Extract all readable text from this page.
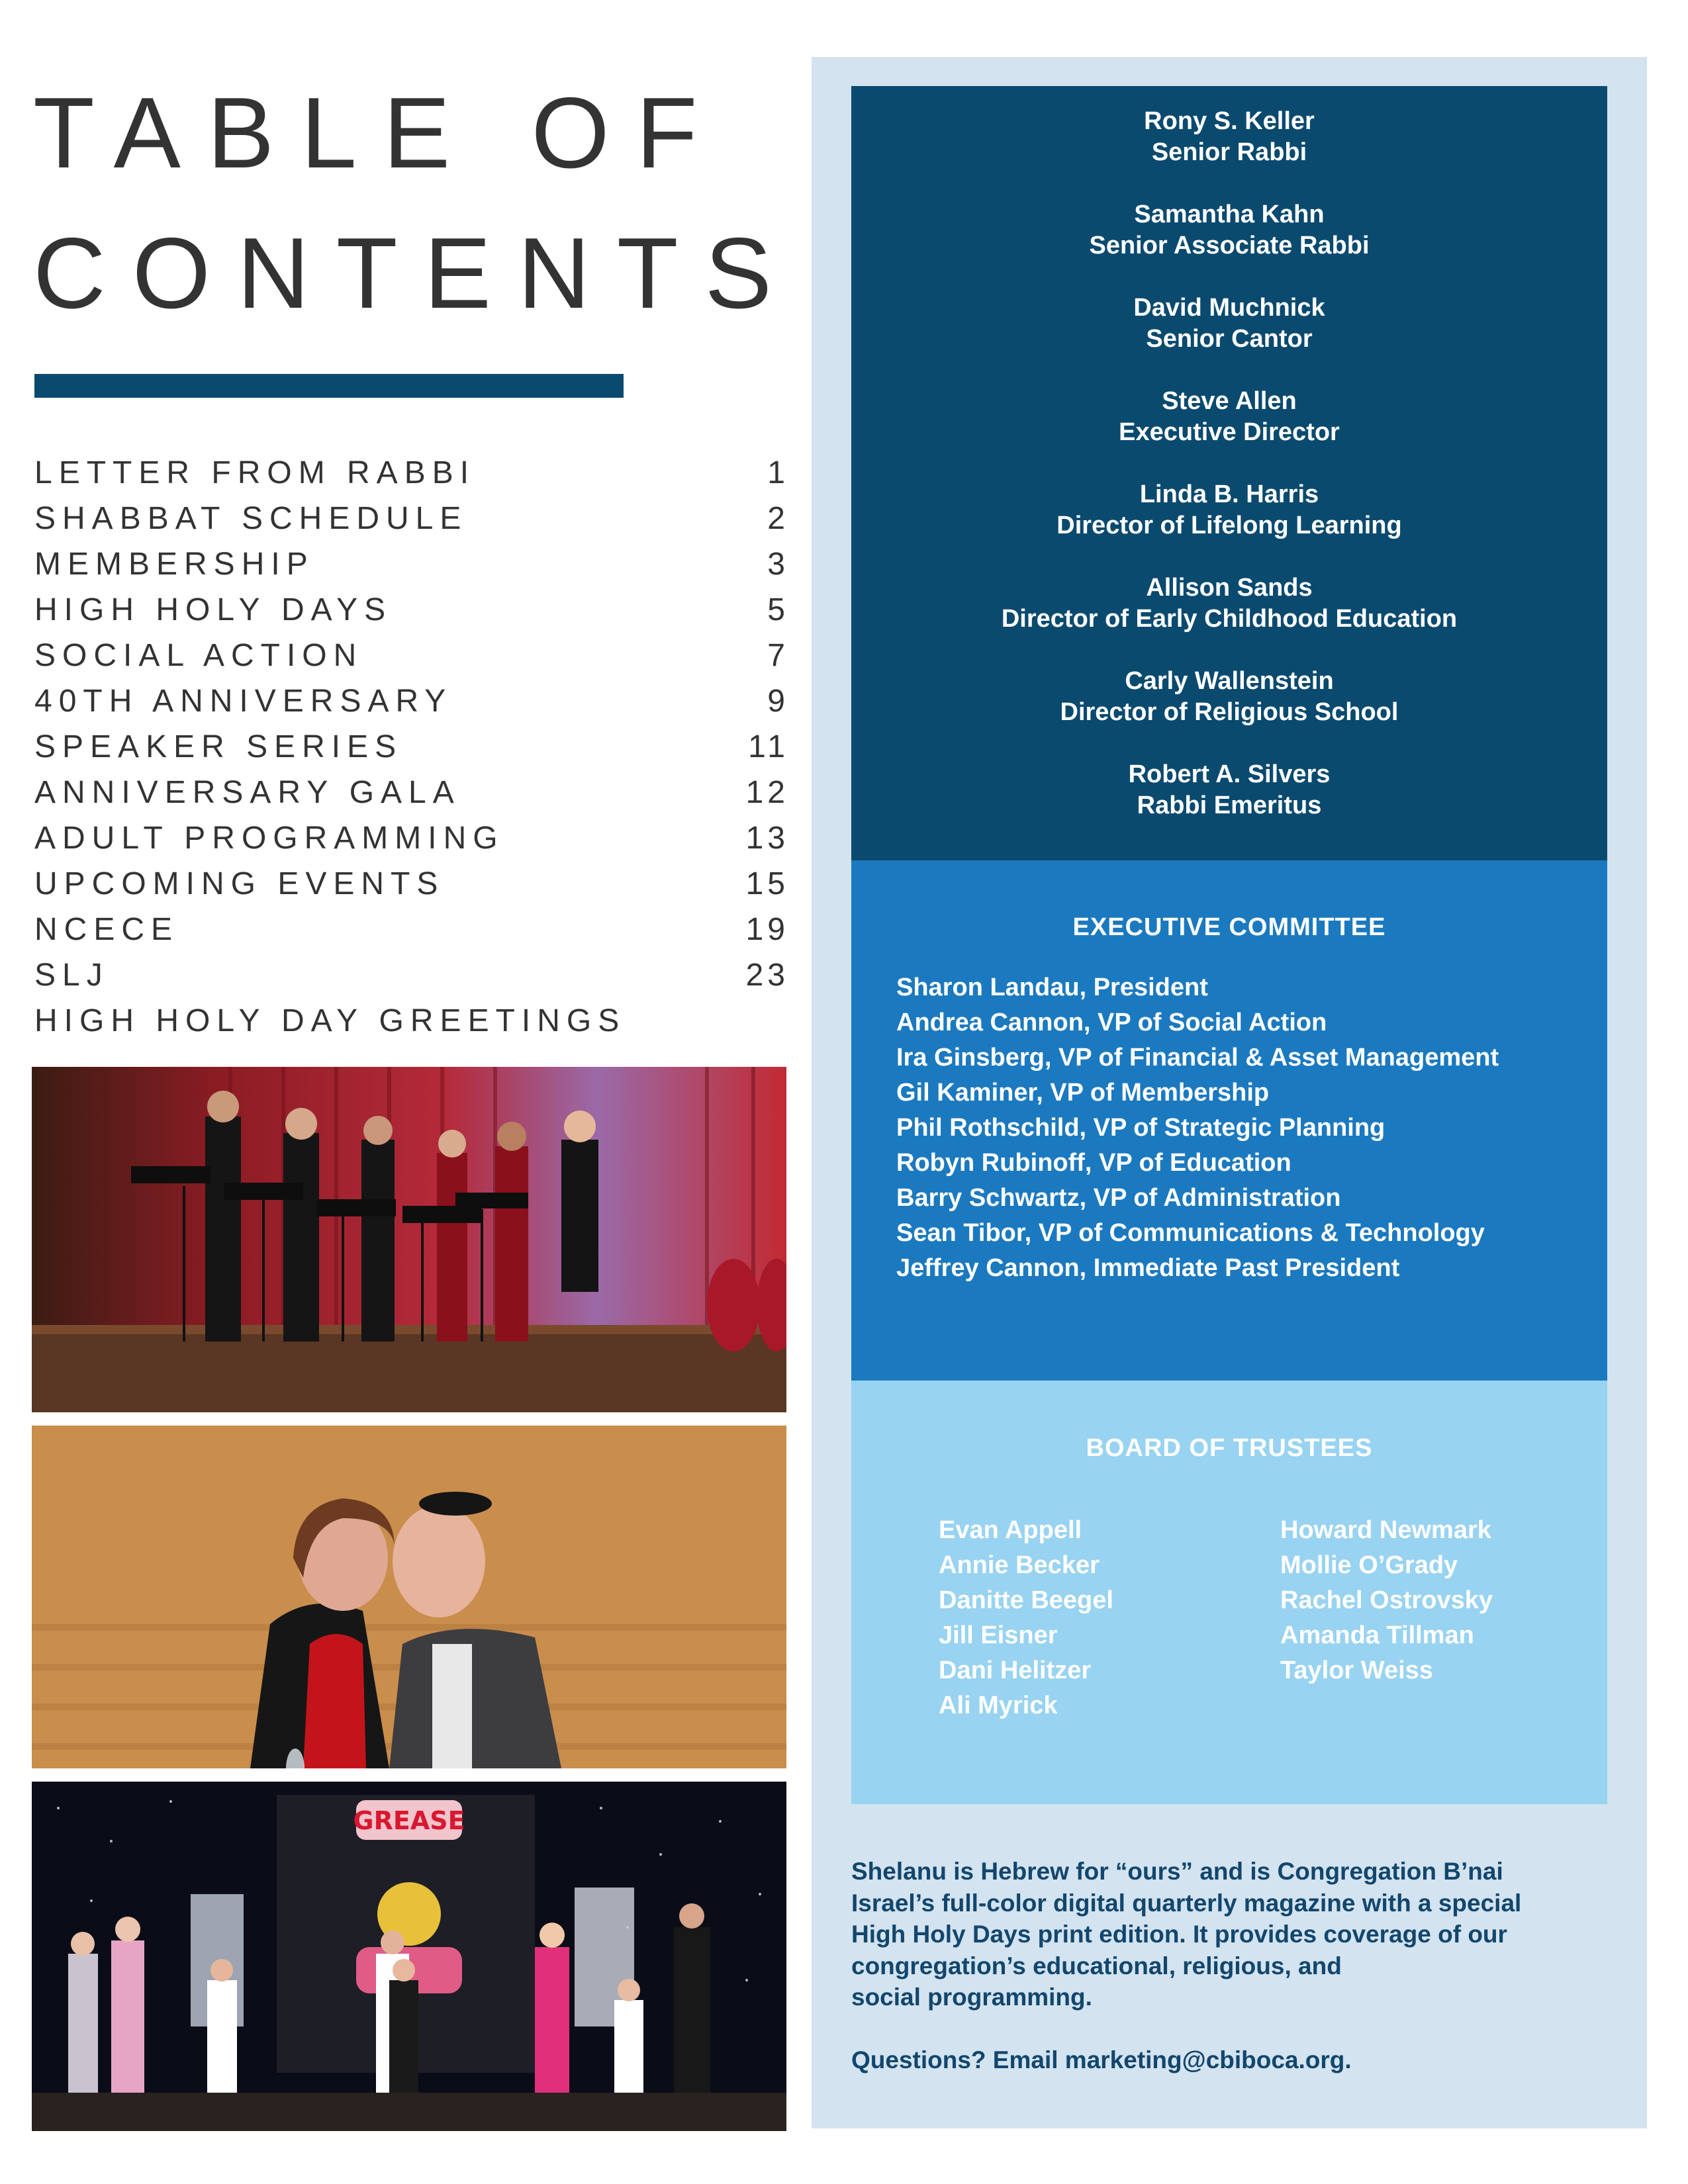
TABLE OF
CONTENTS
LETTER FROM RABBI	1
SHABBAT SCHEDULE	2
MEMBERSHIP	3
HIGH HOLY DAYS	5
SOCIAL ACTION	7
40TH ANNIVERSARY	9
SPEAKER SERIES	11
ANNIVERSARY GALA	12
ADULT PROGRAMMING	13
UPCOMING EVENTS	15
NCECE	19
SLJ	23
HIGH HOLY DAY GREETINGS
GREASE
Rony S. Keller
Senior Rabbi
Samantha Kahn
Senior Associate Rabbi
David Muchnick
Senior Cantor
Steve Allen
Executive Director
Linda B. Harris
Director of Lifelong Learning
Allison Sands
Director of Early Childhood Education
Carly Wallenstein
Director of Religious School
Robert A. Silvers
Rabbi Emeritus
EXECUTIVE COMMITTEE
Sharon Landau, President
Andrea Cannon, VP of Social Action
Ira Ginsberg, VP of Financial & Asset Management
Gil Kaminer, VP of Membership
Phil Rothschild, VP of Strategic Planning
Robyn Rubinoff, VP of Education
Barry Schwartz, VP of Administration
Sean Tibor, VP of Communications & Technology
Jeffrey Cannon, Immediate Past President
BOARD OF TRUSTEES
Evan Appell
Annie Becker
Danitte Beegel
Jill Eisner
Dani Helitzer
Ali Myrick
Howard Newmark
Mollie O’Grady
Rachel Ostrovsky
Amanda Tillman
Taylor Weiss

Shelanu is Hebrew for “ours” and is Congregation B’nai

Israel’s full-color digital quarterly magazine with a special

High Holy Days print edition. It provides coverage of our

congregation’s educational, religious, and

social programming.

Questions? Email marketing@cbiboca.org.
